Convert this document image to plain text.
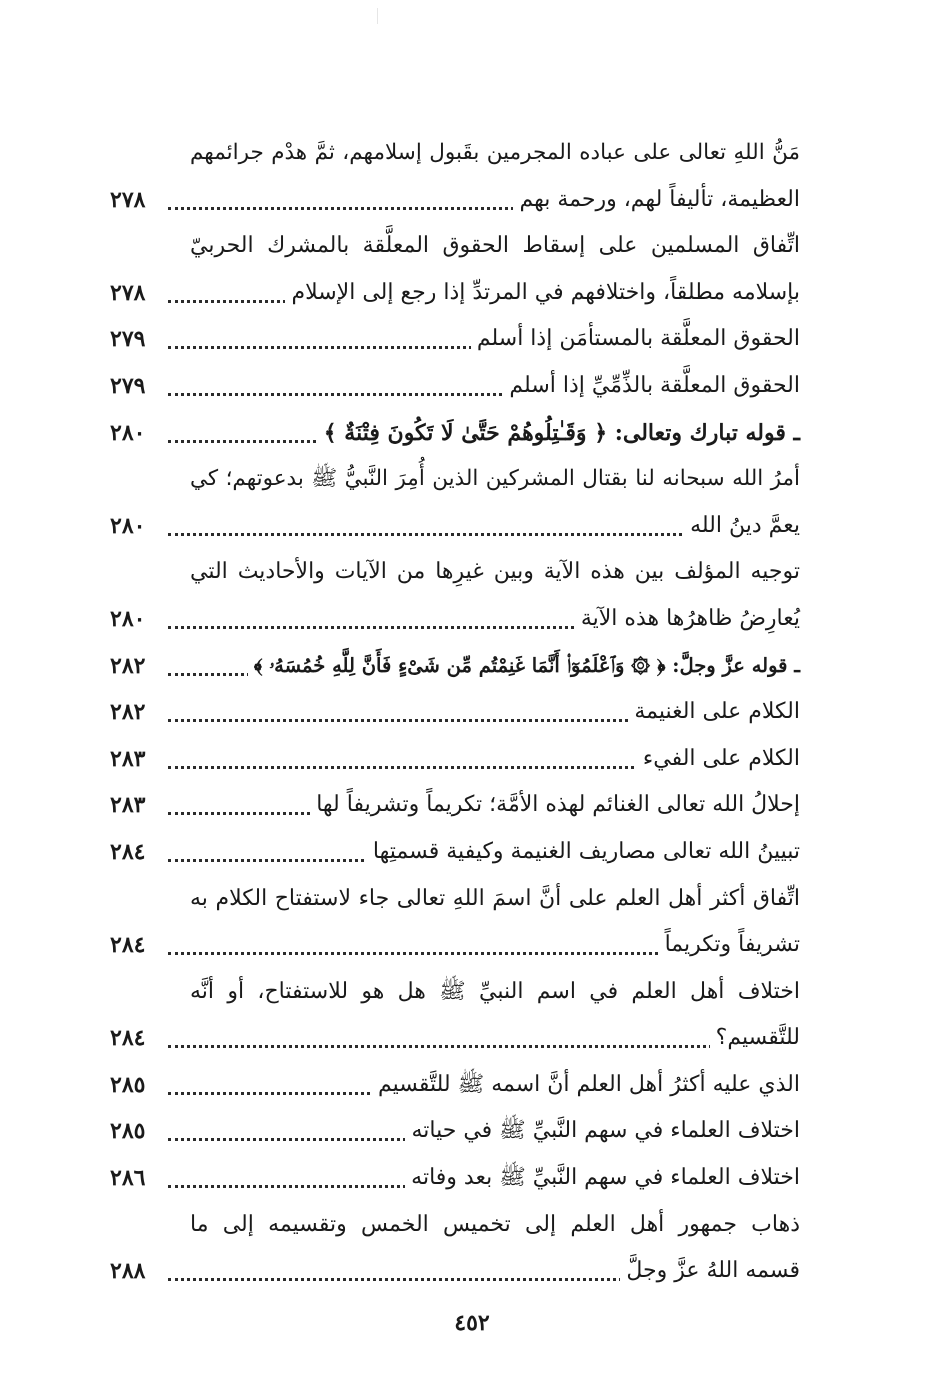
مَنُّ اللهِ تعالى على عباده المجرمين بقَبول إسلامهم، ثمَّ هدْم جرائمهم
العظيمة، تأليفاً لهم، ورحمة بهم
٢٧٨
اتِّفاق المسلمين على إسقاط الحقوق المعلَّقة بالمشرك الحربيّ
بإسلامه مطلقاً، واختلافهم في المرتدِّ إذا رجع إلى الإسلام
٢٧٨
الحقوق المعلَّقة بالمستأمَن إذا أسلم
٢٧٩
الحقوق المعلَّقة بالذِّمِّيِّ إذا أسلم
٢٧٩
ـ قوله تبارك وتعالى: ﴿ وَقَـٰتِلُوهُمْ حَتَّىٰ لَا تَكُونَ فِتْنَةٌ ﴾
٢٨٠
أمرُ الله سبحانه لنا بقتال المشركين الذين أُمِرَ النَّبيُّ ﷺ بدعوتهم؛ كي
يعمَّ دينُ الله
٢٨٠
توجيه المؤلف بين هذه الآية وبين غيرِها من الآيات والأحاديث التي
يُعارِضُ ظاهرُها هذه الآية
٢٨٠
ـ قوله عزَّ وجلَّ: ﴿ ۞ وَٱعْلَمُوٓا۟ أَنَّمَا غَنِمْتُم مِّن شَىْءٍ فَأَنَّ لِلَّهِ خُمُسَهُۥ ﴾
٢٨٢
الكلام على الغنيمة
٢٨٢
الكلام على الفيء
٢٨٣
إحلالُ الله تعالى الغنائم لهذه الأمَّة؛ تكريماً وتشريفاً لها
٢٨٣
تبيينُ الله تعالى مصاريف الغنيمة وكيفية قسمتِها
٢٨٤
اتِّفاق أكثر أهل العلم على أنَّ اسمَ اللهِ تعالى جاء لاستفتاح الكلام به
تشريفاً وتكريماً
٢٨٤
اختلاف أهل العلم في اسم النبيِّ ﷺ هل هو للاستفتاح، أو أنَّه
للتَّقسيم؟
٢٨٤
الذي عليه أكثرُ أهل العلم أنَّ اسمه ﷺ للتَّقسيم
٢٨٥
اختلاف العلماء في سهم النَّبيِّ ﷺ في حياته
٢٨٥
اختلاف العلماء في سهم النَّبيِّ ﷺ بعد وفاته
٢٨٦
ذهاب جمهور أهل العلم إلى تخميس الخمس وتقسيمه إلى ما
قسمه اللهُ عزَّ وجلَّ
٢٨٨
٤٥٢
